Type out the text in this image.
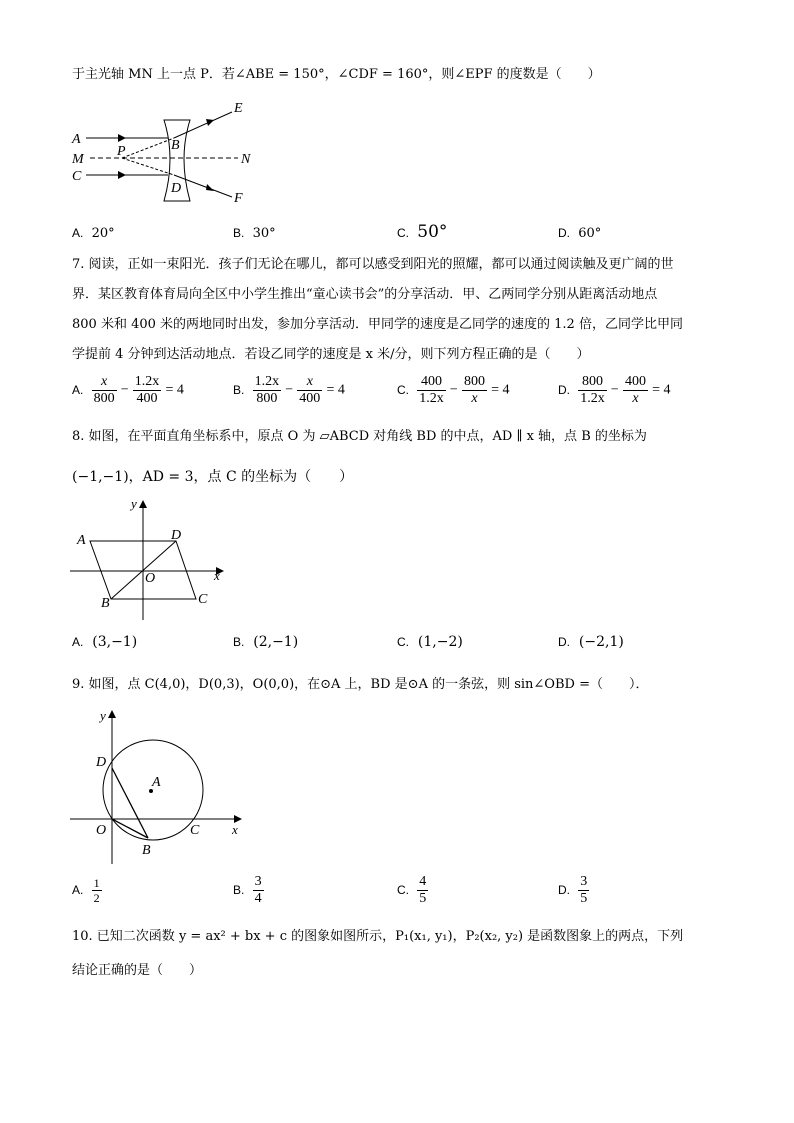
于主光轴 MN 上一点 P．若∠ABE = 150°，∠CDF = 160°，则∠EPF 的度数是（　　）
A
M
C
P	B
D
E
F
N
A. 20°	B. 30°	C. 50°	D. 60°
7. 阅读，正如一束阳光．孩子们无论在哪儿，都可以感受到阳光的照耀，都可以通过阅读触及更广阔的世
界．某区教育体育局向全区中小学生推出“童心读书会”的分享活动．甲、乙两同学分别从距离活动地点
800 米和 400 米的两地同时出发，参加分享活动．甲同学的速度是乙同学的速度的 1.2 倍，乙同学比甲同
学提前 4 分钟到达活动地点．若设乙同学的速度是 x 米/分，则下列方程正确的是（　　）
A. $\frac{x}{800} - \frac{1.2x}{400} = 4$	B. $\frac{1.2x}{800} - \frac{x}{400} = 4$	C. $\frac{400}{1.2x} - \frac{800}{x} = 4$	D. $\frac{800}{1.2x} - \frac{400}{x} = 4$
8. 如图，在平面直角坐标系中，原点 O 为 ▱ABCD 对角线 BD 的中点，AD ∥ x 轴，点 B 的坐标为
(−1,−1)，AD = 3，点 C 的坐标为（　　）
y
x
A	D
O
B	C
A. (3,−1)	B. (2,−1)	C. (1,−2)	D. (−2,1)
9. 如图，点 C(4,0)，D(0,3)，O(0,0)，在⊙A 上，BD 是⊙A 的一条弦，则 sin∠OBD =（　　）．
y
x
D
A
O	C
B
A. $\frac{1}{2}$	B. $\frac{3}{4}$	C. $\frac{4}{5}$	D. $\frac{3}{5}$
10. 已知二次函数 y = ax² + bx + c 的图象如图所示，P₁(x₁, y₁)，P₂(x₂, y₂) 是函数图象上的两点，下列
结论正确的是（　　）
